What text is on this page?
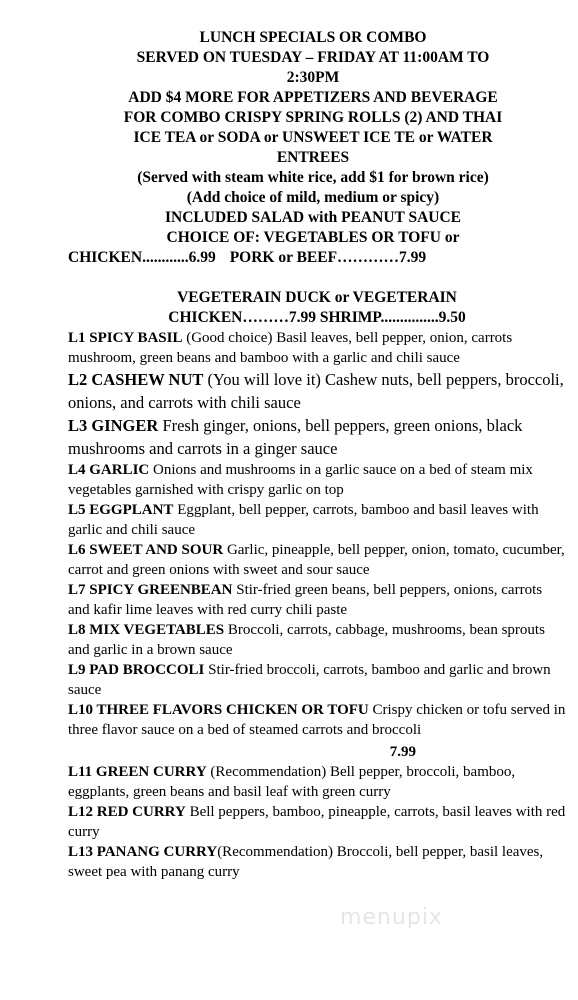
LUNCH SPECIALS OR COMBO
SERVED ON TUESDAY – FRIDAY AT 11:00AM TO
2:30PM
ADD $4 MORE FOR APPETIZERS AND BEVERAGE
FOR COMBO CRISPY SPRING ROLLS (2) AND THAI
ICE TEA or SODA or UNSWEET ICE TE or WATER
ENTREES
(Served with steam white rice, add $1 for brown rice)
(Add choice of mild, medium or spicy)
INCLUDED SALAD with PEANUT SAUCE
CHOICE OF: VEGETABLES OR TOFU or
CHICKEN............6.99 PORK or BEEF…………7.99
VEGETERAIN DUCK or VEGETERAIN
CHICKEN………7.99 SHRIMP...............9.50

L1 SPICY BASIL (Good choice) Basil leaves, bell pepper, onion, carrots mushroom, green beans and bamboo with a garlic and chili sauce

L2 CASHEW NUT (You will love it) Cashew nuts, bell peppers, broccoli, onions, and carrots with chili sauce

L3 GINGER Fresh ginger, onions, bell peppers, green onions, black mushrooms and carrots in a ginger sauce

L4 GARLIC Onions and mushrooms in a garlic sauce on a bed of steam mix vegetables garnished with crispy garlic on top

L5 EGGPLANT Eggplant, bell pepper, carrots, bamboo and basil leaves with garlic and chili sauce

L6 SWEET AND SOUR Garlic, pineapple, bell pepper, onion, tomato, cucumber, carrot and green onions with sweet and sour sauce

L7 SPICY GREENBEAN Stir-fried green beans, bell peppers, onions, carrots and kafir lime leaves with red curry chili paste

L8 MIX VEGETABLES Broccoli, carrots, cabbage, mushrooms, bean sprouts and garlic in a brown sauce

L9 PAD BROCCOLI Stir-fried broccoli, carrots, bamboo and garlic and brown sauce

L10 THREE FLAVORS CHICKEN OR TOFU Crispy chicken or tofu served in three flavor sauce on a bed of steamed carrots and broccoli

7.99

L11 GREEN CURRY (Recommendation) Bell pepper, broccoli, bamboo, eggplants, green beans and basil leaf with green curry

L12 RED CURRY Bell peppers, bamboo, pineapple, carrots, basil leaves with red curry

L13 PANANG CURRY(Recommendation) Broccoli, bell pepper, basil leaves, sweet pea with panang curry

menupix
